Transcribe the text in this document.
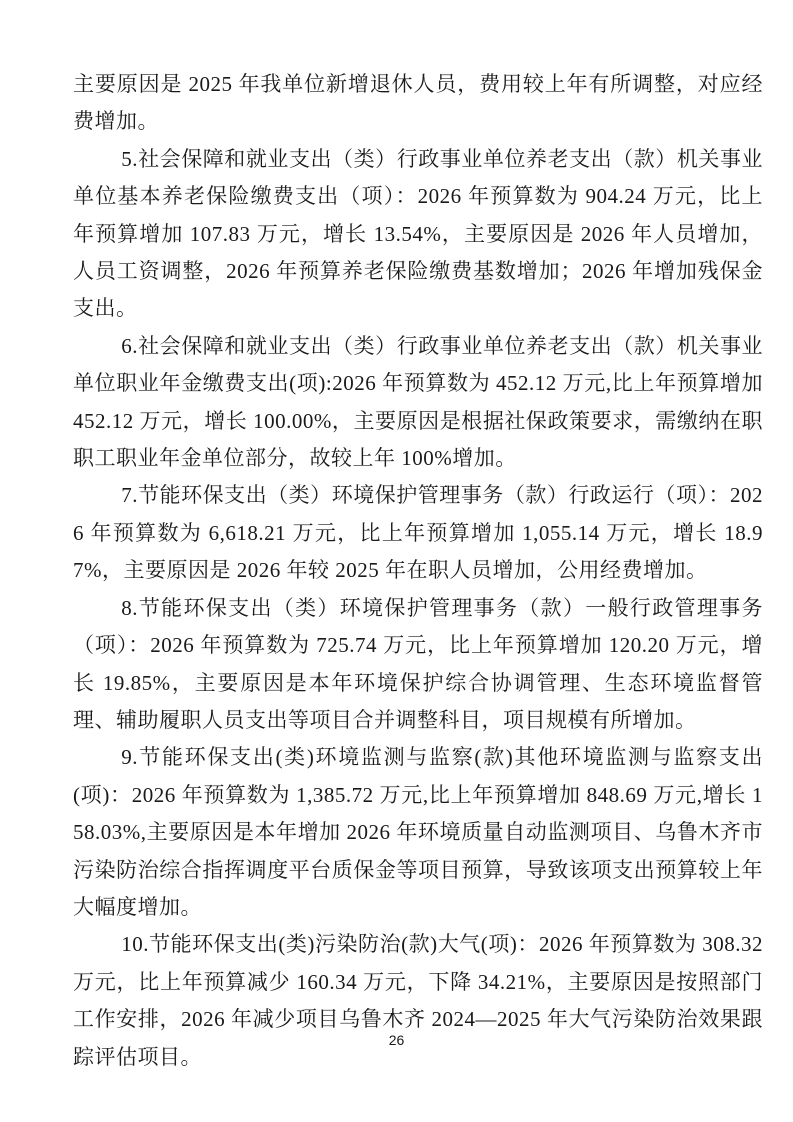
主要原因是 2025 年我单位新增退休人员，费用较上年有所调整，对应经费增加。

5.社会保障和就业支出（类）行政事业单位养老支出（款）机关事业单位基本养老保险缴费支出（项）：2026 年预算数为 904.24 万元，比上年预算增加 107.83 万元，增长 13.54%，主要原因是 2026 年人员增加，人员工资调整，2026 年预算养老保险缴费基数增加；2026 年增加残保金支出。

6.社会保障和就业支出（类）行政事业单位养老支出（款）机关事业单位职业年金缴费支出(项):2026 年预算数为 452.12 万元,比上年预算增加 452.12 万元，增长 100.00%，主要原因是根据社保政策要求，需缴纳在职职工职业年金单位部分，故较上年 100%增加。

7.节能环保支出（类）环境保护管理事务（款）行政运行（项）：2026 年预算数为 6,618.21 万元，比上年预算增加 1,055.14 万元，增长 18.97%，主要原因是 2026 年较 2025 年在职人员增加，公用经费增加。

8.节能环保支出（类）环境保护管理事务（款）一般行政管理事务（项）：2026 年预算数为 725.74 万元，比上年预算增加 120.20 万元，增长 19.85%，主要原因是本年环境保护综合协调管理、生态环境监督管理、辅助履职人员支出等项目合并调整科目，项目规模有所增加。

9.节能环保支出(类)环境监测与监察(款)其他环境监测与监察支出(项)：2026 年预算数为 1,385.72 万元,比上年预算增加 848.69 万元,增长 158.03%,主要原因是本年增加 2026 年环境质量自动监测项目、乌鲁木齐市污染防治综合指挥调度平台质保金等项目预算，导致该项支出预算较上年大幅度增加。

10.节能环保支出(类)污染防治(款)大气(项)：2026 年预算数为 308.32 万元，比上年预算减少 160.34 万元，下降 34.21%，主要原因是按照部门工作安排，2026 年减少项目乌鲁木齐 2024—2025 年大气污染防治效果跟踪评估项目。

26
